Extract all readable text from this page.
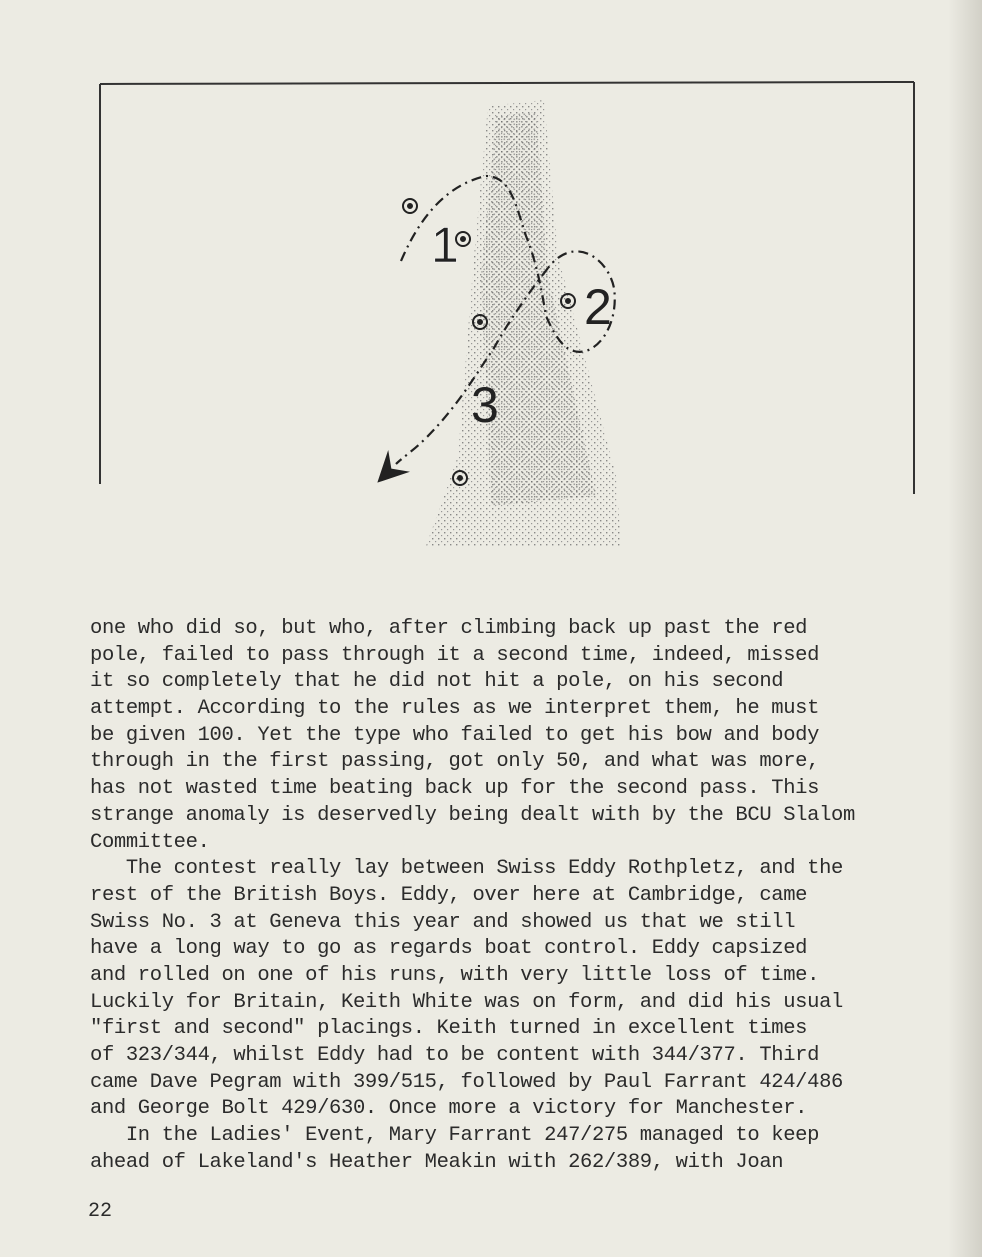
1
2
3
one who did so, but who, after climbing back up past the red
pole, failed to pass through it a second time, indeed, missed
it so completely that he did not hit a pole, on his second
attempt. According to the rules as we interpret them, he must
be given 100. Yet the type who failed to get his bow and body
through in the first passing, got only 50, and what was more,
has not wasted time beating back up for the second pass. This
strange anomaly is deservedly being dealt with by the BCU Slalom
Committee.
The contest really lay between Swiss Eddy Rothpletz, and the
rest of the British Boys. Eddy, over here at Cambridge, came
Swiss No. 3 at Geneva this year and showed us that we still
have a long way to go as regards boat control. Eddy capsized
and rolled on one of his runs, with very little loss of time.
Luckily for Britain, Keith White was on form, and did his usual
"first and second" placings. Keith turned in excellent times
of 323/344, whilst Eddy had to be content with 344/377. Third
came Dave Pegram with 399/515, followed by Paul Farrant 424/486
and George Bolt 429/630. Once more a victory for Manchester.
In the Ladies' Event, Mary Farrant 247/275 managed to keep
ahead of Lakeland's Heather Meakin with 262/389, with Joan
22
